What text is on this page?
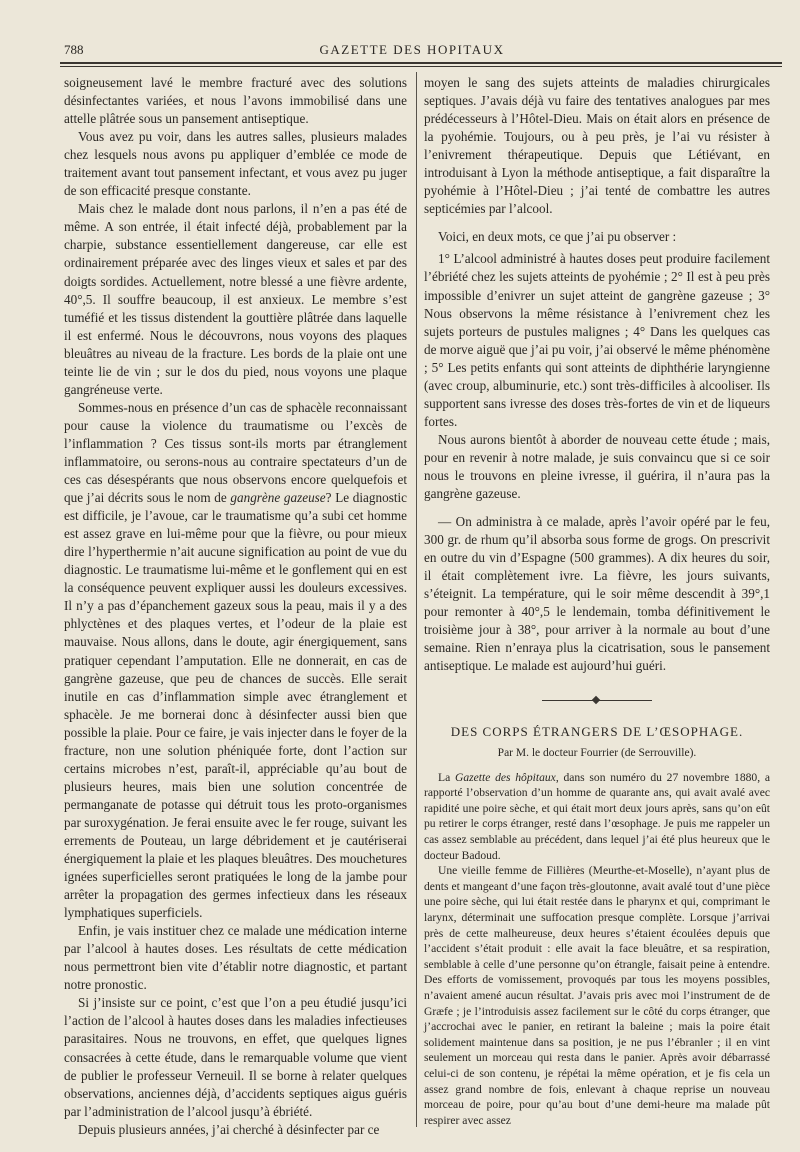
788	GAZETTE DES HOPITAUX

soigneusement lavé le membre fracturé avec des solutions désinfectantes variées, et nous l’avons immobilisé dans une attelle plâtrée sous un pansement antiseptique.

Vous avez pu voir, dans les autres salles, plusieurs malades chez lesquels nous avons pu appliquer d’emblée ce mode de traitement avant tout pansement infectant, et vous avez pu juger de son efficacité presque constante.

Mais chez le malade dont nous parlons, il n’en a pas été de même. A son entrée, il était infecté déjà, probablement par la charpie, substance essentiellement dangereuse, car elle est ordinairement préparée avec des linges vieux et sales et par des doigts sordides. Actuellement, notre blessé a une fièvre ardente, 40°,5. Il souffre beaucoup, il est anxieux. Le membre s’est tuméfié et les tissus distendent la gouttière plâtrée dans laquelle il est enfermé. Nous le découvrons, nous voyons des plaques bleuâtres au niveau de la fracture. Les bords de la plaie ont une teinte lie de vin ; sur le dos du pied, nous voyons une plaque gangréneuse verte.

Sommes-nous en présence d’un cas de sphacèle reconnaissant pour cause la violence du traumatisme ou l’excès de l’inflammation ? Ces tissus sont-ils morts par étranglement inflammatoire, ou serons-nous au contraire spectateurs d’un de ces cas désespérants que nous observons encore quelquefois et que j’ai décrits sous le nom de gangrène gazeuse? Le diagnostic est difficile, je l’avoue, car le traumatisme qu’a subi cet homme est assez grave en lui-même pour que la fièvre, ou pour mieux dire l’hyperthermie n’ait aucune signification au point de vue du diagnostic. Le traumatisme lui-même et le gonflement qui en est la conséquence peuvent expliquer aussi les douleurs excessives. Il n’y a pas d’épanchement gazeux sous la peau, mais il y a des phlyctènes et des plaques vertes, et l’odeur de la plaie est mauvaise. Nous allons, dans le doute, agir énergiquement, sans pratiquer cependant l’amputation. Elle ne donnerait, en cas de gangrène gazeuse, que peu de chances de succès. Elle serait inutile en cas d’inflammation simple avec étranglement et sphacèle. Je me bornerai donc à désinfecter aussi bien que possible la plaie. Pour ce faire, je vais injecter dans le foyer de la fracture, non une solution phéniquée forte, dont l’action sur certains microbes n’est, paraît-il, appréciable qu’au bout de plusieurs heures, mais bien une solution concentrée de permanganate de potasse qui détruit tous les proto-organismes par suroxygénation. Je ferai ensuite avec le fer rouge, suivant les errements de Pouteau, un large débridement et je cautériserai énergiquement la plaie et les plaques bleuâtres. Des mouchetures ignées superficielles seront pratiquées le long de la jambe pour arrêter la propagation des germes infectieux dans les réseaux lymphatiques superficiels.

Enfin, je vais instituer chez ce malade une médication interne par l’alcool à hautes doses. Les résultats de cette médication nous permettront bien vite d’établir notre diagnostic, et partant notre pronostic.

Si j’insiste sur ce point, c’est que l’on a peu étudié jusqu’ici l’action de l’alcool à hautes doses dans les maladies infectieuses parasitaires. Nous ne trouvons, en effet, que quelques lignes consacrées à cette étude, dans le remarquable volume que vient de publier le professeur Verneuil. Il se borne à relater quelques observations, anciennes déjà, d’accidents septiques aigus guéris par l’administration de l’alcool jusqu’à ébriété.

Depuis plusieurs années, j’ai cherché à désinfecter par ce

moyen le sang des sujets atteints de maladies chirurgicales septiques. J’avais déjà vu faire des tentatives analogues par mes prédécesseurs à l’Hôtel-Dieu. Mais on était alors en présence de la pyohémie. Toujours, ou à peu près, je l’ai vu résister à l’enivrement thérapeutique. Depuis que Létiévant, en introduisant à Lyon la méthode antiseptique, a fait disparaître la pyohémie à l’Hôtel-Dieu ; j’ai tenté de combattre les autres septicémies par l’alcool.

Voici, en deux mots, ce que j’ai pu observer :

1° L’alcool administré à hautes doses peut produire facilement l’ébriété chez les sujets atteints de pyohémie ; 2° Il est à peu près impossible d’enivrer un sujet atteint de gangrène gazeuse ; 3° Nous observons la même résistance à l’enivrement chez les sujets porteurs de pustules malignes ; 4° Dans les quelques cas de morve aiguë que j’ai pu voir, j’ai observé le même phénomène ; 5° Les petits enfants qui sont atteints de diphthérie laryngienne (avec croup, albuminurie, etc.) sont très-difficiles à alcooliser. Ils supportent sans ivresse des doses très-fortes de vin et de liqueurs fortes.

Nous aurons bientôt à aborder de nouveau cette étude ; mais, pour en revenir à notre malade, je suis convaincu que si ce soir nous le trouvons en pleine ivresse, il guérira, il n’aura pas la gangrène gazeuse.

— On administra à ce malade, après l’avoir opéré par le feu, 300 gr. de rhum qu’il absorba sous forme de grogs. On prescrivit en outre du vin d’Espagne (500 grammes). A dix heures du soir, il était complètement ivre. La fièvre, les jours suivants, s’éteignit. La température, qui le soir même descendit à 39°,1 pour remonter à 40°,5 le lendemain, tomba définitivement le troisième jour à 38°, pour arriver à la normale au bout d’une semaine. Rien n’enraya plus la cicatrisation, sous le pansement antiseptique. Le malade est aujourd’hui guéri.

DES CORPS ÉTRANGERS DE L’ŒSOPHAGE.
Par M. le docteur Fourrier (de Serrouville).

La Gazette des hôpitaux, dans son numéro du 27 novembre 1880, a rapporté l’observation d’un homme de quarante ans, qui avait avalé avec rapidité une poire sèche, et qui était mort deux jours après, sans qu’on eût pu retirer le corps étranger, resté dans l’œsophage. Je puis me rappeler un cas assez semblable au précédent, dans lequel j’ai été plus heureux que le docteur Badoud.

Une vieille femme de Fillières (Meurthe-et-Moselle), n’ayant plus de dents et mangeant d’une façon très-gloutonne, avait avalé tout d’une pièce une poire sèche, qui lui était restée dans le pharynx et qui, comprimant le larynx, déterminait une suffocation presque complète. Lorsque j’arrivai près de cette malheureuse, deux heures s’étaient écoulées depuis que l’accident s’était produit : elle avait la face bleuâtre, et sa respiration, semblable à celle d’une personne qu’on étrangle, faisait peine à entendre. Des efforts de vomissement, provoqués par tous les moyens possibles, n’avaient amené aucun résultat. J’avais pris avec moi l’instrument de de Græfe ; je l’introduisis assez facilement sur le côté du corps étranger, que j’accrochai avec le panier, en retirant la baleine ; mais la poire était solidement maintenue dans sa position, je ne pus l’ébranler ; il en vint seulement un morceau qui resta dans le panier. Après avoir débarrassé celui-ci de son contenu, je répétai la même opération, et je fis cela un assez grand nombre de fois, enlevant à chaque reprise un nouveau morceau de poire, pour qu’au bout d’une demi-heure ma malade pût respirer avec assez
